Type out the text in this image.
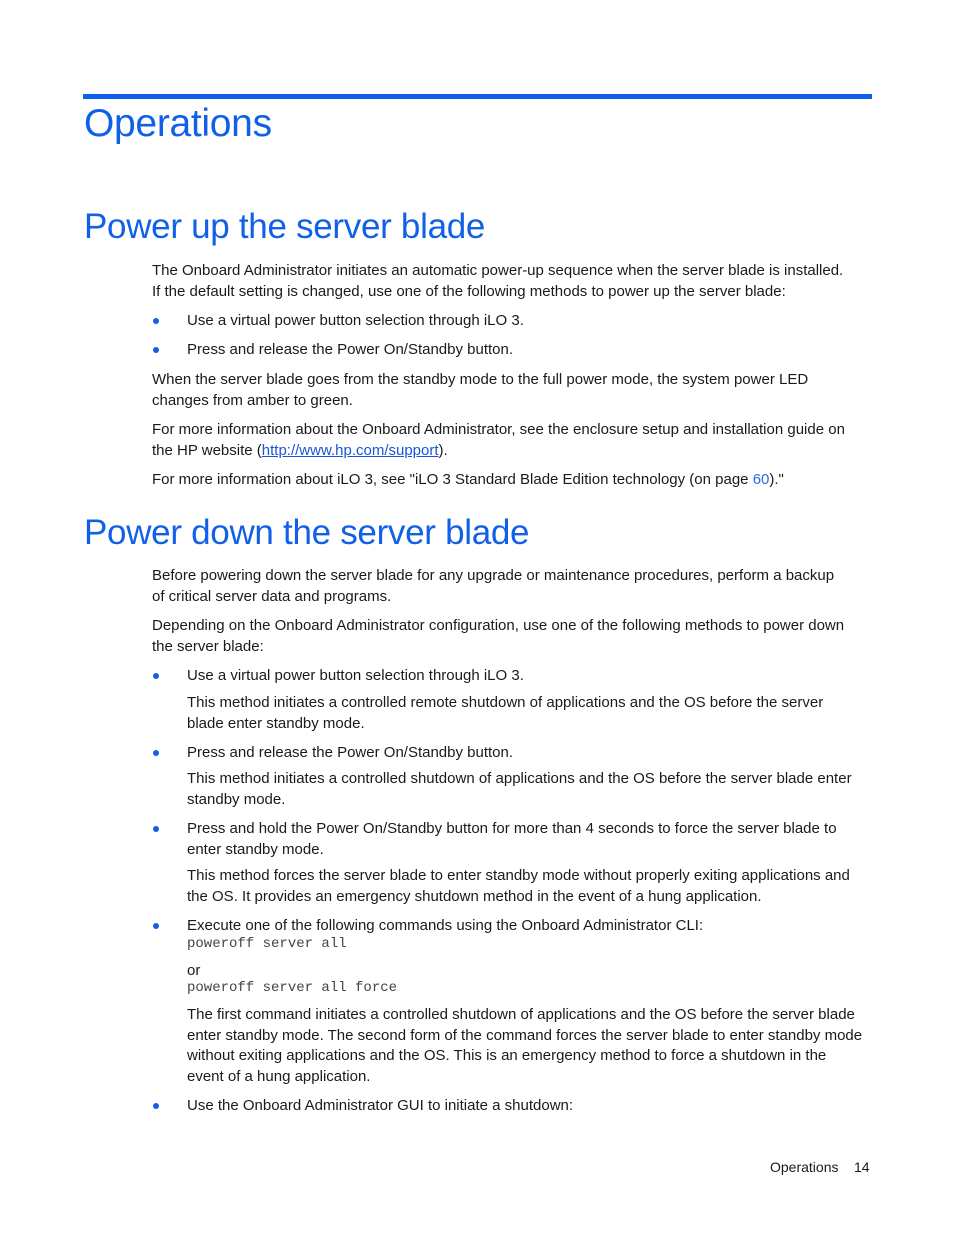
Operations
Power up the server blade
The Onboard Administrator initiates an automatic power-up sequence when the server blade is installed.
If the default setting is changed, use one of the following methods to power up the server blade:
Use a virtual power button selection through iLO 3.
Press and release the Power On/Standby button.
When the server blade goes from the standby mode to the full power mode, the system power LED
changes from amber to green.
For more information about the Onboard Administrator, see the enclosure setup and installation guide on
the HP website (http://www.hp.com/support).
For more information about iLO 3, see "iLO 3 Standard Blade Edition technology (on page 60)."
Power down the server blade
Before powering down the server blade for any upgrade or maintenance procedures, perform a backup
of critical server data and programs.
Depending on the Onboard Administrator configuration, use one of the following methods to power down
the server blade:
Use a virtual power button selection through iLO 3.
This method initiates a controlled remote shutdown of applications and the OS before the server
blade enter standby mode.
Press and release the Power On/Standby button.
This method initiates a controlled shutdown of applications and the OS before the server blade enter
standby mode.
Press and hold the Power On/Standby button for more than 4 seconds to force the server blade to
enter standby mode.
This method forces the server blade to enter standby mode without properly exiting applications and
the OS. It provides an emergency shutdown method in the event of a hung application.
Execute one of the following commands using the Onboard Administrator CLI:
poweroff server all
or
poweroff server all force
The first command initiates a controlled shutdown of applications and the OS before the server blade
enter standby mode. The second form of the command forces the server blade to enter standby mode
without exiting applications and the OS. This is an emergency method to force a shutdown in the
event of a hung application.
Use the Onboard Administrator GUI to initiate a shutdown:
Operations 14
